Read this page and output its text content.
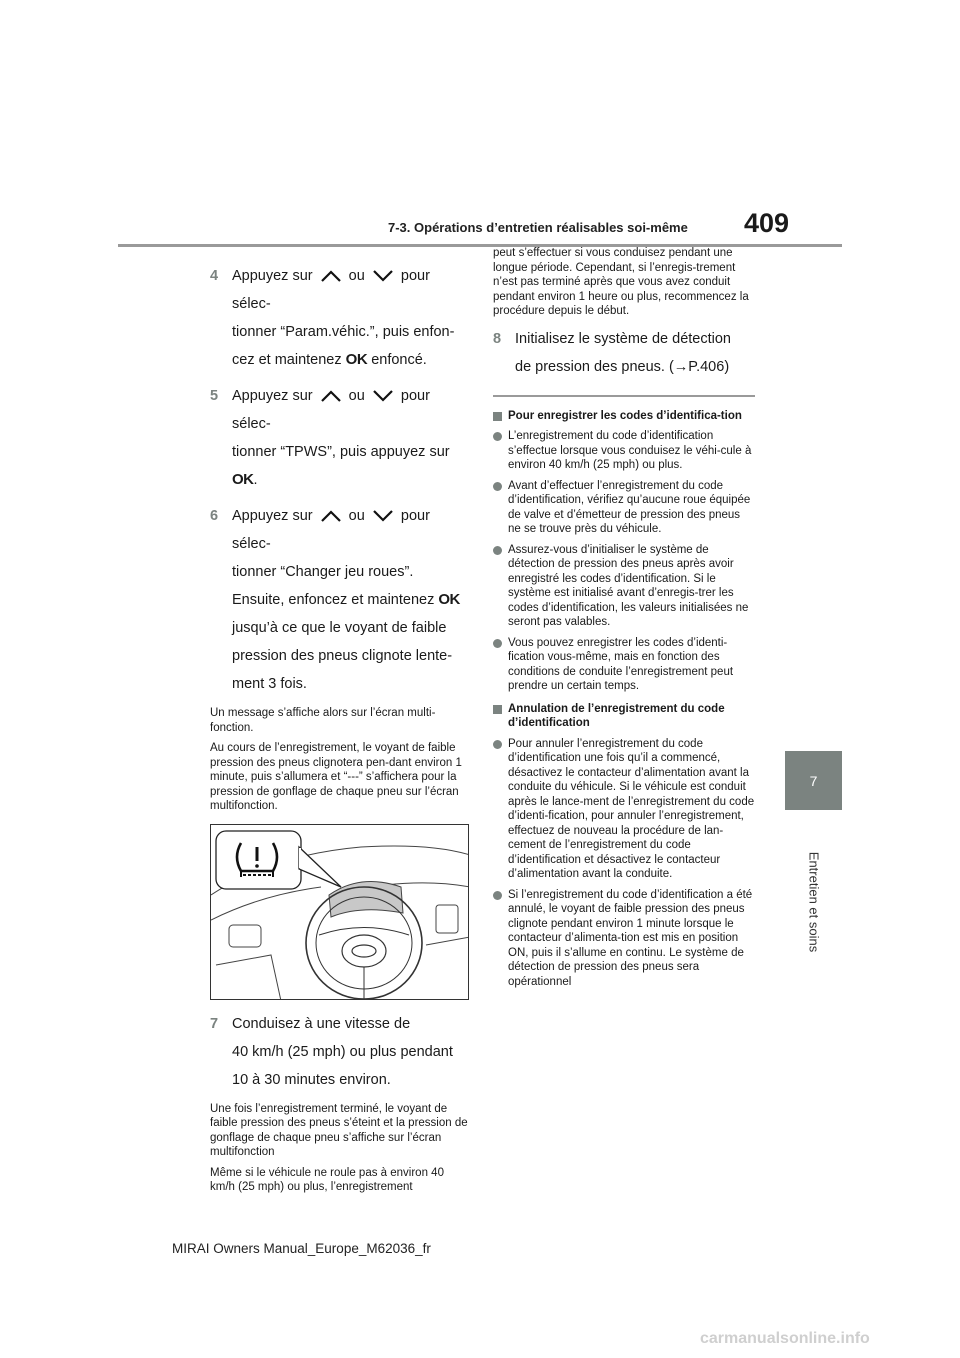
7-3. Opérations d’entretien réalisables soi-même 409
7
Entretien et soins
4 Appuyez sur ou pour sélec-
tionner “Param.véhic.”, puis enfon-
cez et maintenez OK enfoncé.
5 Appuyez sur ou pour sélec-
tionner “TPWS”, puis appuyez sur
OK.
6 Appuyez sur ou pour sélec-
tionner “Changer jeu roues”.
Ensuite, enfoncez et maintenez OK
jusqu’à ce que le voyant de faible
pression des pneus clignote lente-
ment 3 fois.

Un message s’affiche alors sur l’écran multi-fonction.

Au cours de l’enregistrement, le voyant de faible pression des pneus clignotera pen-dant environ 1 minute, puis s’allumera et “---” s’affichera pour la pression de gonflage de chaque pneu sur l’écran multifonction.

7 Conduisez à une vitesse de
40 km/h (25 mph) ou plus pendant
10 à 30 minutes environ.

Une fois l’enregistrement terminé, le voyant de faible pression des pneus s’éteint et la pression de gonflage de chaque pneu s’affiche sur l’écran multifonction

Même si le véhicule ne roule pas à environ 40 km/h (25 mph) ou plus, l’enregistrement

peut s’effectuer si vous conduisez pendant une longue période. Cependant, si l’enregis-trement n’est pas terminé après que vous avez conduit pendant environ 1 heure ou plus, recommencez la procédure depuis le début.

8 Initialisez le système de détection
de pression des pneus. (→P.406)
Pour enregistrer les codes d’identifica-tion
L’enregistrement du code d’identification s’effectue lorsque vous conduisez le véhi-cule à environ 40 km/h (25 mph) ou plus.
Avant d’effectuer l’enregistrement du code d’identification, vérifiez qu’aucune roue équipée de valve et d’émetteur de pression des pneus ne se trouve près du véhicule.
Assurez-vous d’initialiser le système de détection de pression des pneus après avoir enregistré les codes d’identification. Si le système est initialisé avant d’enregis-trer les codes d’identification, les valeurs initialisées ne seront pas valables.
Vous pouvez enregistrer les codes d’identi-fication vous-même, mais en fonction des conditions de conduite l’enregistrement peut prendre un certain temps.
Annulation de l’enregistrement du code d’identification
Pour annuler l’enregistrement du code d’identification une fois qu’il a commencé, désactivez le contacteur d’alimentation avant la conduite du véhicule. Si le véhicule est conduit après le lance-ment de l’enregistrement du code d’identi-fication, pour annuler l’enregistrement, effectuez de nouveau la procédure de lan-cement de l’enregistrement du code d’identification et désactivez le contacteur d’alimentation avant la conduite.
Si l’enregistrement du code d’identification a été annulé, le voyant de faible pression des pneus clignote pendant environ 1 minute lorsque le contacteur d’alimenta-tion est mis en position ON, puis il s’allume en continu. Le système de détection de pression des pneus sera opérationnel
MIRAI Owners Manual_Europe_M62036_fr
carmanualsonline.info
